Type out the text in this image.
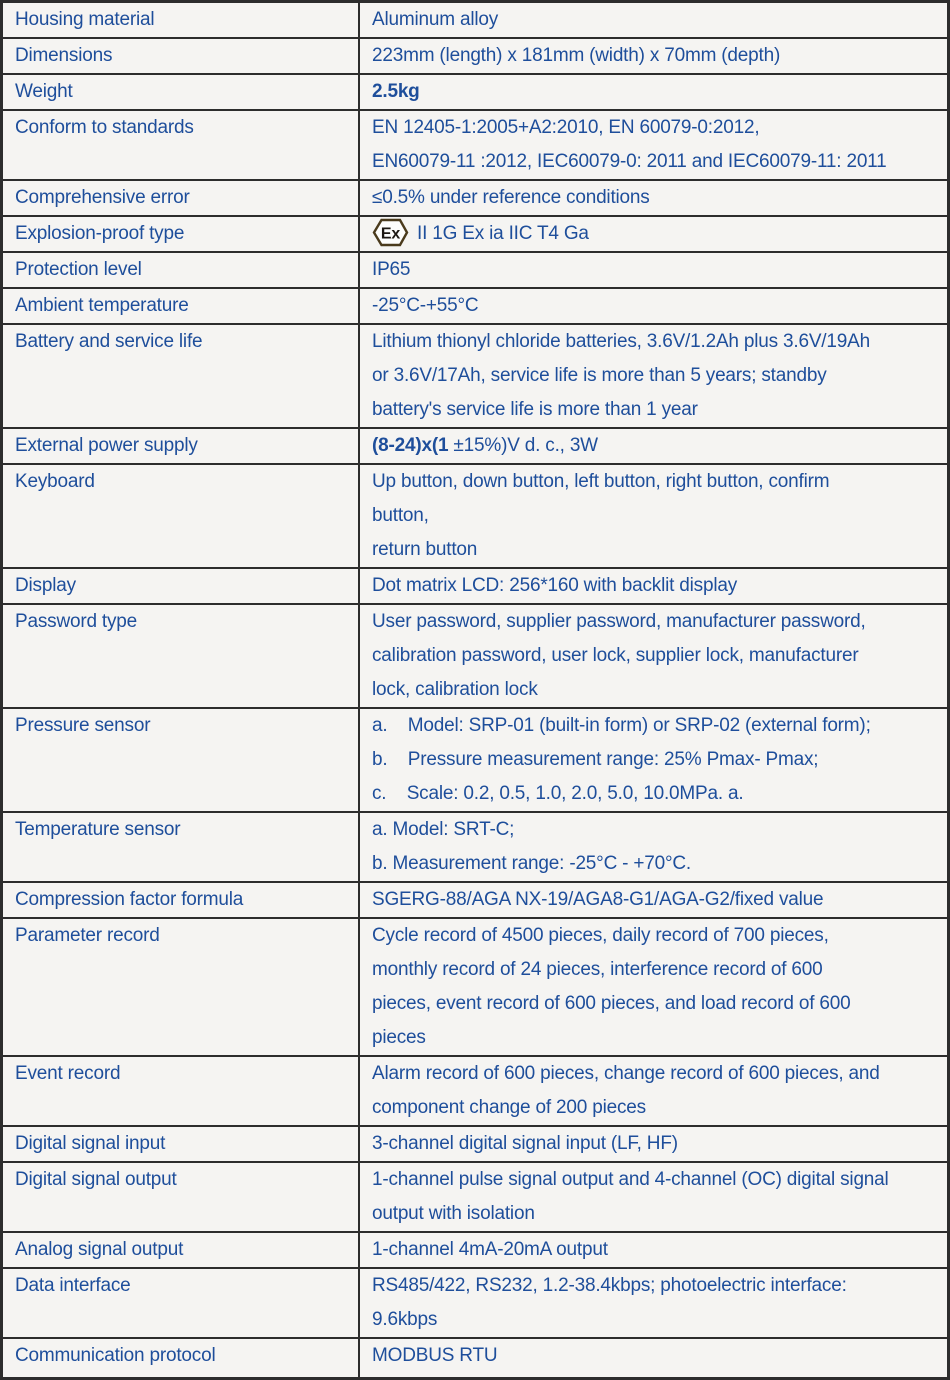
Housing material	Aluminum alloy
Dimensions	223mm (length) x 181mm (width) x 70mm (depth)
Weight	2.5kg
Conform to standards	EN 12405-1:2005+A2:2010, EN 60079-0:2012,
EN60079-11 :2012, IEC60079-0: 2011 and IEC60079-11: 2011
Comprehensive error	≤0.5% under reference conditions
Explosion-proof type	Ex II 1G Ex ia IIC T4 Ga
Protection level	IP65
Ambient temperature	-25°C-+55°C
Battery and service life	Lithium thionyl chloride batteries, 3.6V/1.2Ah plus 3.6V/19Ah
or 3.6V/17Ah, service life is more than 5 years; standby
battery's service life is more than 1 year
External power supply	(8-24)x(1 ±15%)V d. c., 3W
Keyboard	Up button, down button, left button, right button, confirm
button,
return button
Display	Dot matrix LCD: 256*160 with backlit display
Password type	User password, supplier password, manufacturer password,
calibration password, user lock, supplier lock, manufacturer
lock, calibration lock
Pressure sensor	a.    Model: SRP-01 (built-in form) or SRP-02 (external form);
b.    Pressure measurement range: 25% Pmax- Pmax;
c.    Scale: 0.2, 0.5, 1.0, 2.0, 5.0, 10.0MPa. a.
Temperature sensor	a. Model: SRT-C;
b. Measurement range: -25°C - +70°C.
Compression factor formula	SGERG-88/AGA NX-19/AGA8-G1/AGA-G2/fixed value
Parameter record	Cycle record of 4500 pieces, daily record of 700 pieces,
monthly record of 24 pieces, interference record of 600
pieces, event record of 600 pieces, and load record of 600
pieces
Event record	Alarm record of 600 pieces, change record of 600 pieces, and
component change of 200 pieces
Digital signal input	3-channel digital signal input (LF, HF)
Digital signal output	1-channel pulse signal output and 4-channel (OC) digital signal
output with isolation
Analog signal output	1-channel 4mA-20mA output
Data interface	RS485/422, RS232, 1.2-38.4kbps; photoelectric interface:
9.6kbps
Communication protocol	MODBUS RTU
